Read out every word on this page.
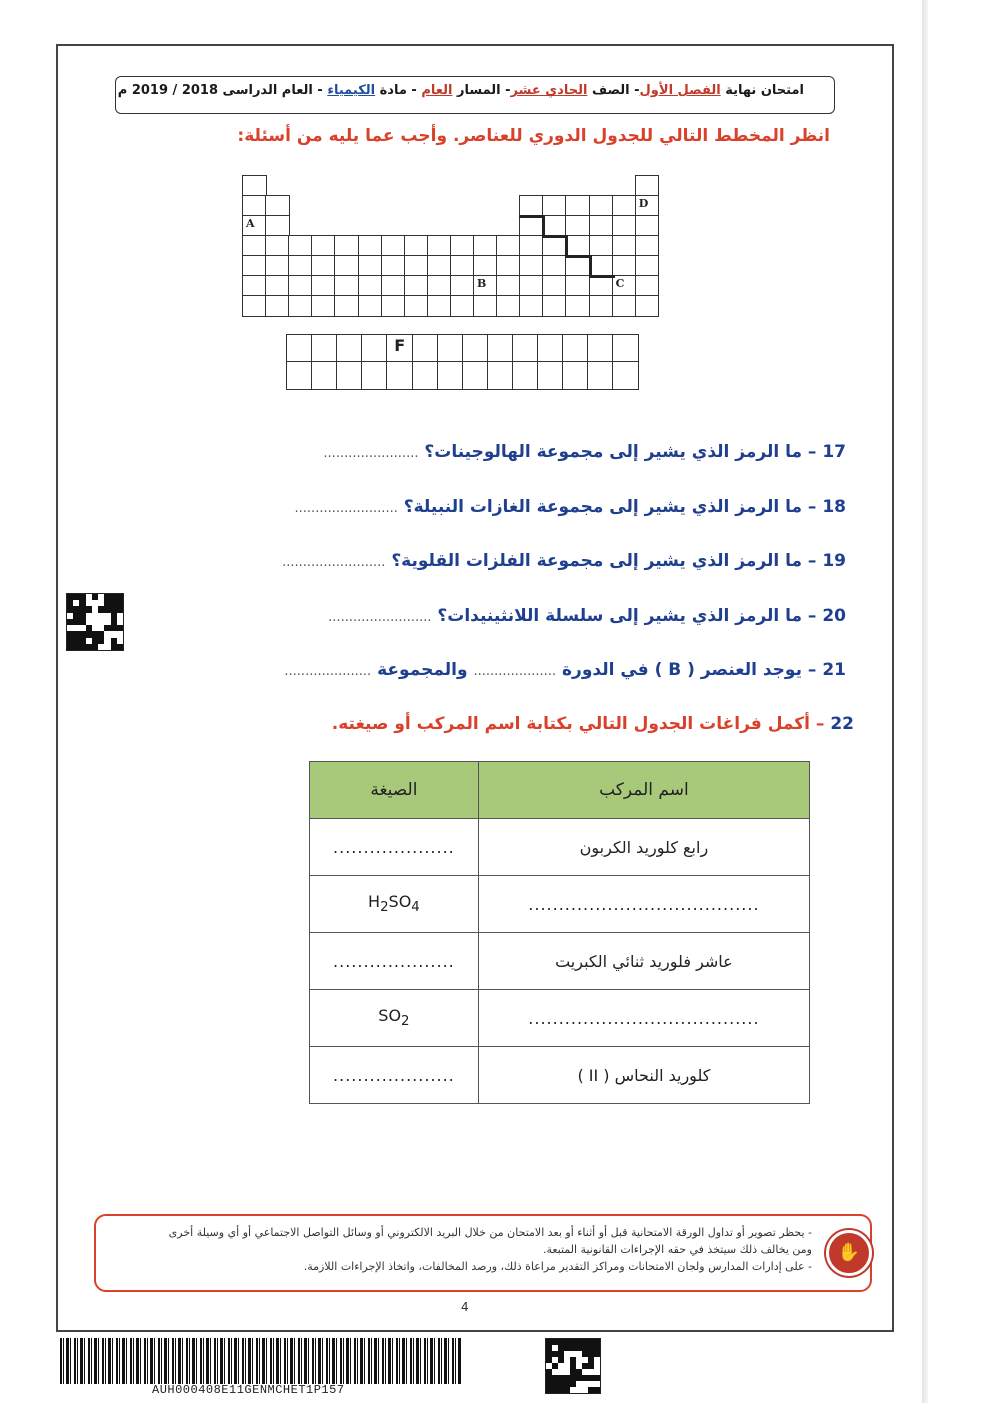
امتحان نهاية الفصل الأول- الصف الحادي عشر- المسار العام - مادة الكيمياء - العام الدراسى 2018 / 2019 م
انظر المخطط التالي للجدول الدوري للعناصر. وأجب عما يليه من أسئلة:
D
A
B	C
F
17 – ما الرمز الذي يشير إلى مجموعة الهالوجينات؟ .......................
18 – ما الرمز الذي يشير إلى مجموعة الغازات النبيلة؟ .........................
19 – ما الرمز الذي يشير إلى مجموعة الفلزات القلوية؟ .........................
20 – ما الرمز الذي يشير إلى سلسلة اللانثينيدات؟ .........................
21 – يوجد العنصر ( B ) في الدورة .................... والمجموعة .....................
22 – أكمل فراغات الجدول التالي بكتابة اسم المركب أو صيغته.
اسم المركب	الصيغة
رابع كلوريد الكربون	....................
......................................	$H_2SO_4$
عاشر فلوريد ثنائي الكبريت	....................
......................................	$SO_2$
كلوريد النحاس ( II )	....................
- يحظر تصوير أو تداول الورقة الامتحانية قبل أو أثناء أو بعد الامتحان من خلال البريد الالكتروني أو وسائل التواصل الاجتماعي أو أي وسيلة أخرى
ومن يخالف ذلك سيتخذ في حقه الإجراءات القانونية المتبعة.
- على إدارات المدارس ولجان الامتحانات ومراكز التقدير مراعاة ذلك، ورصد المخالفات، واتخاذ الإجراءات اللازمة.
✋
4
AUH000408E11GENMCHET1P157
